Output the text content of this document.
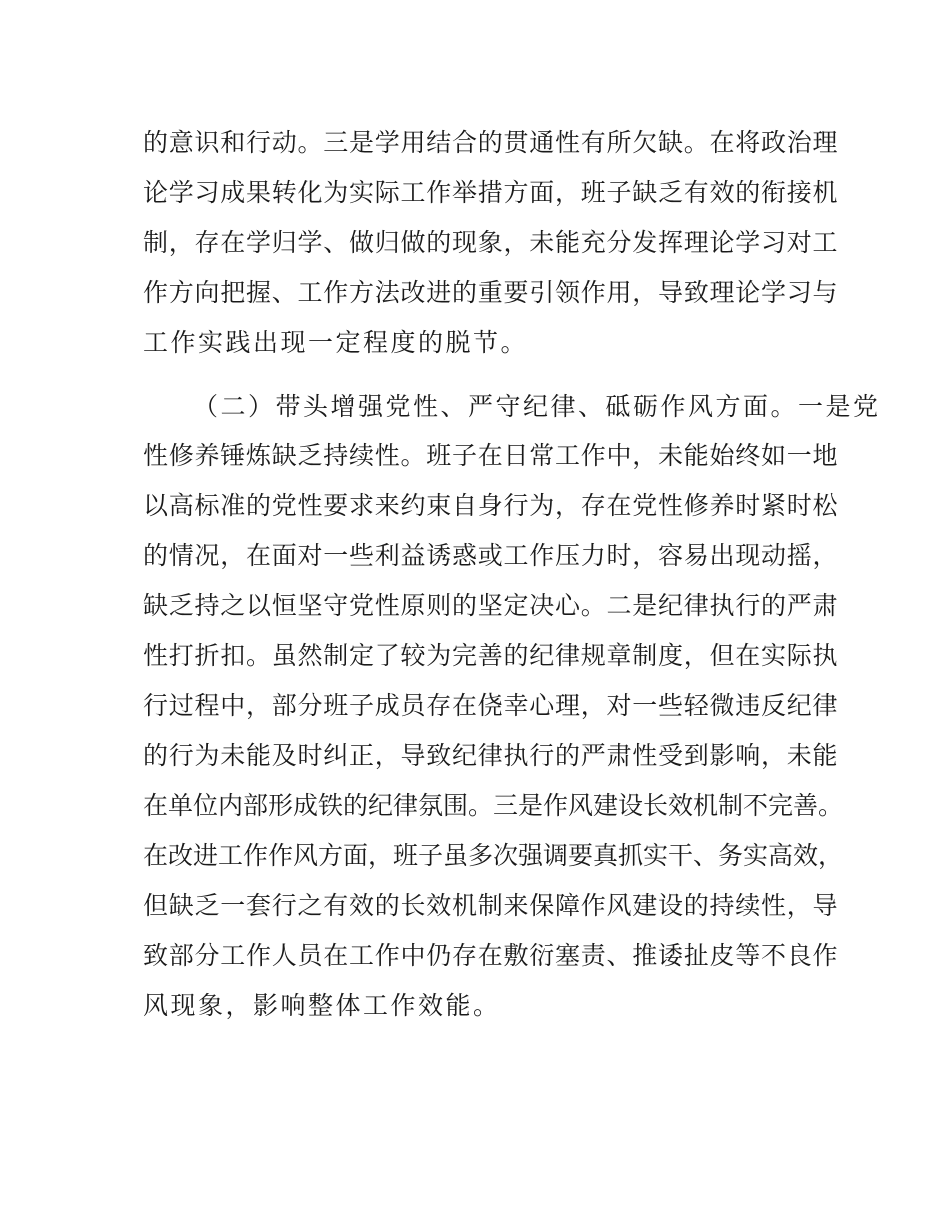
的意识和行动。三是学用结合的贯通性有所欠缺。在将政治理
论学习成果转化为实际工作举措方面，班子缺乏有效的衔接机
制，存在学归学、做归做的现象，未能充分发挥理论学习对工
作方向把握、工作方法改进的重要引领作用，导致理论学习与
工作实践出现一定程度的脱节。
（二）带头增强党性、严守纪律、砥砺作风方面。一是党
性修养锤炼缺乏持续性。班子在日常工作中，未能始终如一地
以高标准的党性要求来约束自身行为，存在党性修养时紧时松
的情况，在面对一些利益诱惑或工作压力时，容易出现动摇，
缺乏持之以恒坚守党性原则的坚定决心。二是纪律执行的严肃
性打折扣。虽然制定了较为完善的纪律规章制度，但在实际执
行过程中，部分班子成员存在侥幸心理，对一些轻微违反纪律
的行为未能及时纠正，导致纪律执行的严肃性受到影响，未能
在单位内部形成铁的纪律氛围。三是作风建设长效机制不完善。
在改进工作作风方面，班子虽多次强调要真抓实干、务实高效，
但缺乏一套行之有效的长效机制来保障作风建设的持续性，导
致部分工作人员在工作中仍存在敷衍塞责、推诿扯皮等不良作
风现象，影响整体工作效能。
